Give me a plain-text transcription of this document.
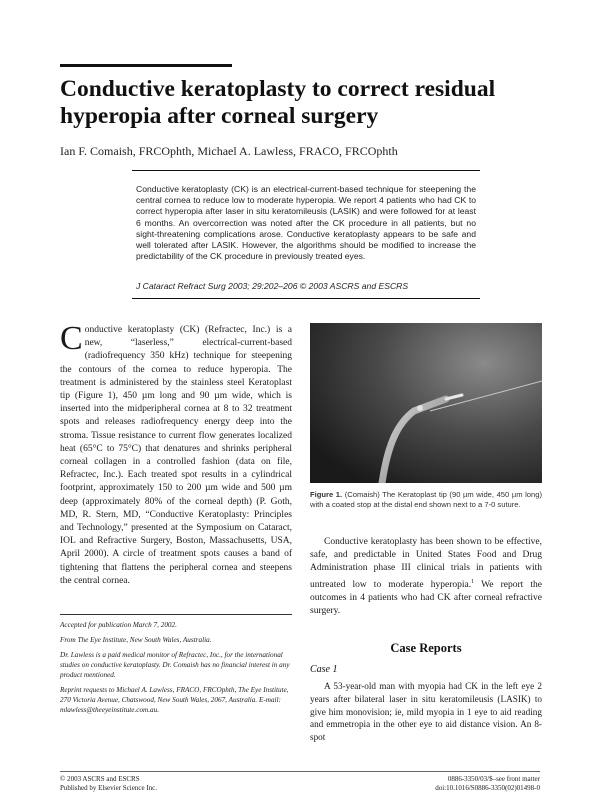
Conductive keratoplasty to correct residual hyperopia after corneal surgery
Ian F. Comaish, FRCOphth, Michael A. Lawless, FRACO, FRCOphth
Conductive keratoplasty (CK) is an electrical-current-based technique for steepening the central cornea to reduce low to moderate hyperopia. We report 4 patients who had CK to correct hyperopia after laser in situ keratomileusis (LASIK) and were followed for at least 6 months. An overcorrection was noted after the CK procedure in all patients, but no sight-threatening complications arose. Conductive keratoplasty appears to be safe and well tolerated after LASIK. However, the algorithms should be modified to increase the predictability of the CK procedure in previously treated eyes.
J Cataract Refract Surg 2003; 29:202–206 © 2003 ASCRS and ESCRS
Conductive keratoplasty (CK) (Refractec, Inc.) is a new, “laserless,” electrical-current-based (radiofrequency 350 kHz) technique for steepening the contours of the cornea to reduce hyperopia. The treatment is administered by the stainless steel Keratoplast tip (Figure 1), 450 µm long and 90 µm wide, which is inserted into the midperipheral cornea at 8 to 32 treatment spots and releases radiofrequency energy deep into the stroma. Tissue resistance to current flow generates localized heat (65°C to 75°C) that denatures and shrinks peripheral corneal collagen in a controlled fashion (data on file, Refractec, Inc.). Each treated spot results in a cylindrical footprint, approximately 150 to 200 µm wide and 500 µm deep (approximately 80% of the corneal depth) (P. Goth, MD, R. Stern, MD, “Conductive Keratoplasty: Principles and Technology,” presented at the Symposium on Cataract, IOL and Refractive Surgery, Boston, Massachusetts, USA, April 2000). A circle of treatment spots causes a band of tightening that flattens the peripheral cornea and steepens the central cornea.

Accepted for publication March 7, 2002.

From The Eye Institute, New South Wales, Australia.

Dr. Lawless is a paid medical monitor of Refractec, Inc., for the international studies on conductive keratoplasty. Dr. Comaish has no financial interest in any product mentioned.

Reprint requests to Michael A. Lawless, FRACO, FRCOphth, The Eye Institute, 270 Victoria Avenue, Chatswood, New South Wales, 2067, Australia. E-mail: mlawless@theeyeinstitute.com.au.

Figure 1. (Comaish) The Keratoplast tip (90 µm wide, 450 µm long) with a coated stop at the distal end shown next to a 7-0 suture.
Conductive keratoplasty has been shown to be effective, safe, and predictable in United States Food and Drug Administration phase III clinical trials in patients with untreated low to moderate hyperopia.$^1$ We report the outcomes in 4 patients who had CK after corneal refractive surgery.
Case Reports
Case 1
A 53-year-old man with myopia had CK in the left eye 2 years after bilateral laser in situ keratomileusis (LASIK) to give him monovision; ie, mild myopia in 1 eye to aid reading and emmetropia in the other eye to aid distance vision. An 8-spot
© 2003 ASCRS and ESCRS
Published by Elsevier Science Inc.
0886-3350/03/$–see front matter
doi:10.1016/S0886-3350(02)01498-0
